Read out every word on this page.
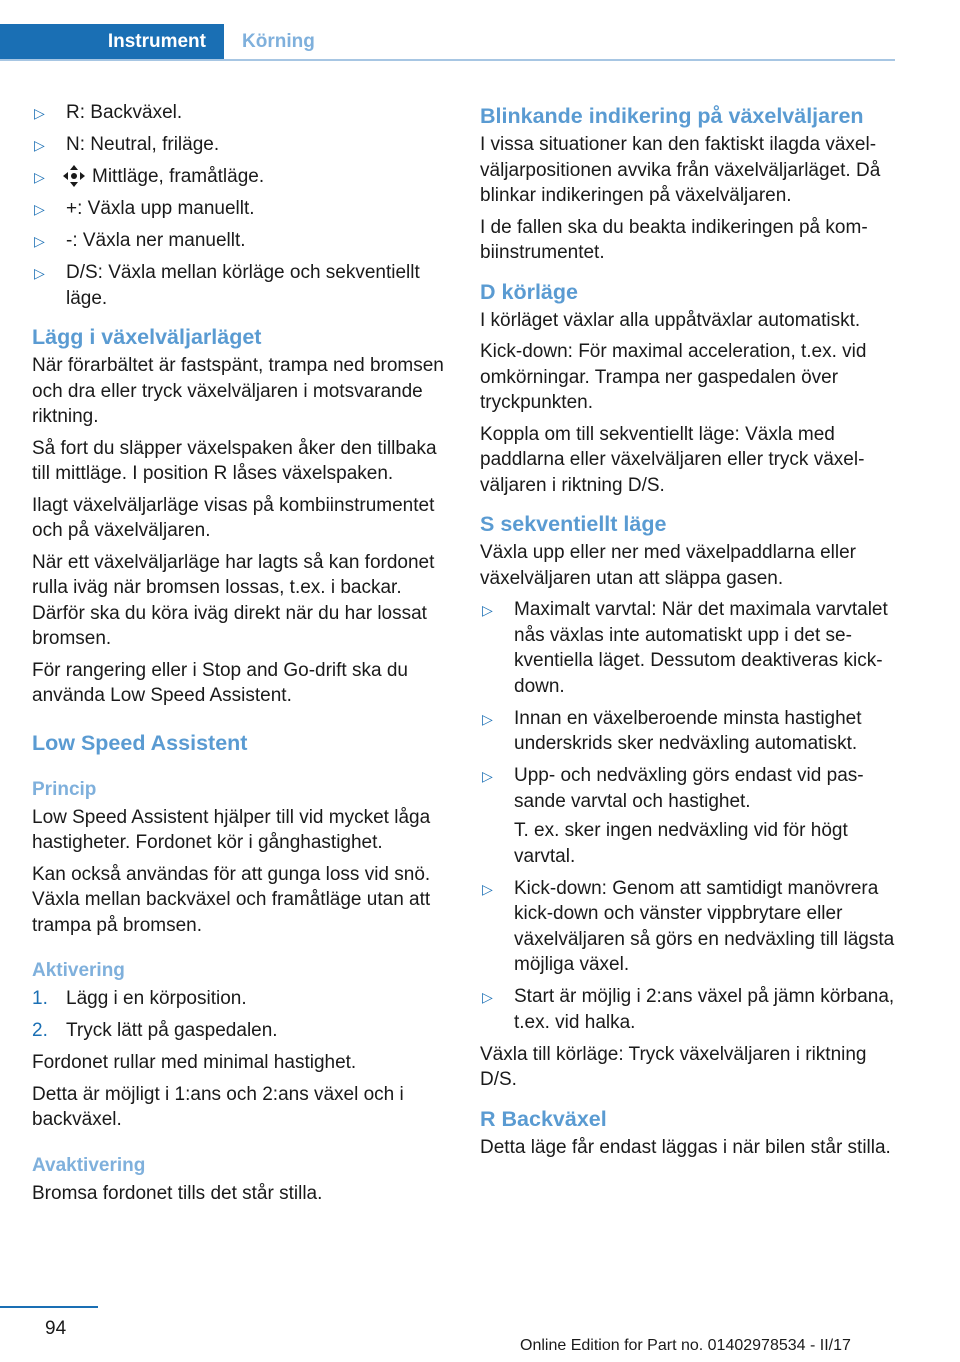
Instrument	Körning
▷ R: Backväxel.
▷ N: Neutral, friläge.
▷ Mittläge, framåtläge.
▷ +: Växla upp manuellt.
▷ -: Växla ner manuellt.
▷ D/S: Växla mellan körläge och sekventiellt läge.
Lägg i växelväljarläget

När förarbältet är fastspänt, trampa ned bromsen och dra eller tryck växelväljaren i motsvarande riktning.

Så fort du släpper växelspaken åker den tillbaka till mittläge. I position R låses växelspaken.

Ilagt växelväljarläge visas på kombiinstrumentet och på växelväljaren.

När ett växelväljarläge har lagts så kan fordonet rulla iväg när bromsen lossas, t.ex. i backar. Därför ska du köra iväg direkt när du har lossat bromsen.

För rangering eller i Stop and Go-drift ska du använda Low Speed Assistent.

Low Speed Assistent
Princip

Low Speed Assistent hjälper till vid mycket låga hastigheter. Fordonet kör i gånghastighet.

Kan också användas för att gunga loss vid snö. Växla mellan backväxel och framåtläge utan att trampa på bromsen.

Aktivering
1. Lägg i en körposition.
2. Tryck lätt på gaspedalen.

Fordonet rullar med minimal hastighet.

Detta är möjligt i 1:ans och 2:ans växel och i backväxel.

Avaktivering

Bromsa fordonet tills det står stilla.

Blinkande indikering på växelväljaren

I vissa situationer kan den faktiskt ilagda växelväljarpositionen avvika från växelväljarläget. Då blinkar indikeringen på växelväljaren.

I de fallen ska du beakta indikeringen på kombiinstrumentet.

D körläge

I körläget växlar alla uppåtväxlar automatiskt.

Kick-down: För maximal acceleration, t.ex. vid omkörningar. Trampa ner gaspedalen över tryckpunkten.

Koppla om till sekventiellt läge: Växla med paddlarna eller växelväljaren eller tryck växelväljaren i riktning D/S.

S sekventiellt läge

Växla upp eller ner med växelpaddlarna eller växelväljaren utan att släppa gasen.

▷ Maximalt varvtal: När det maximala varvtalet nås växlas inte automatiskt upp i det sekventiella läget. Dessutom deaktiveras kick-down.
▷ Innan en växelberoende minsta hastighet underskrids sker nedväxling automatiskt.
▷ Upp- och nedväxling görs endast vid passande varvtal och hastighet.

T. ex. sker ingen nedväxling vid för högt varvtal.

▷ Kick-down: Genom att samtidigt manövrera kick-down och vänster vippbrytare eller växelväljaren så görs en nedväxling till lägsta möjliga växel.
▷ Start är möjlig i 2:ans växel på jämn körbana, t.ex. vid halka.

Växla till körläge: Tryck växelväljaren i riktning D/S.

R Backväxel

Detta läge får endast läggas i när bilen står stilla.

94
Online Edition for Part no. 01402978534 - II/17
